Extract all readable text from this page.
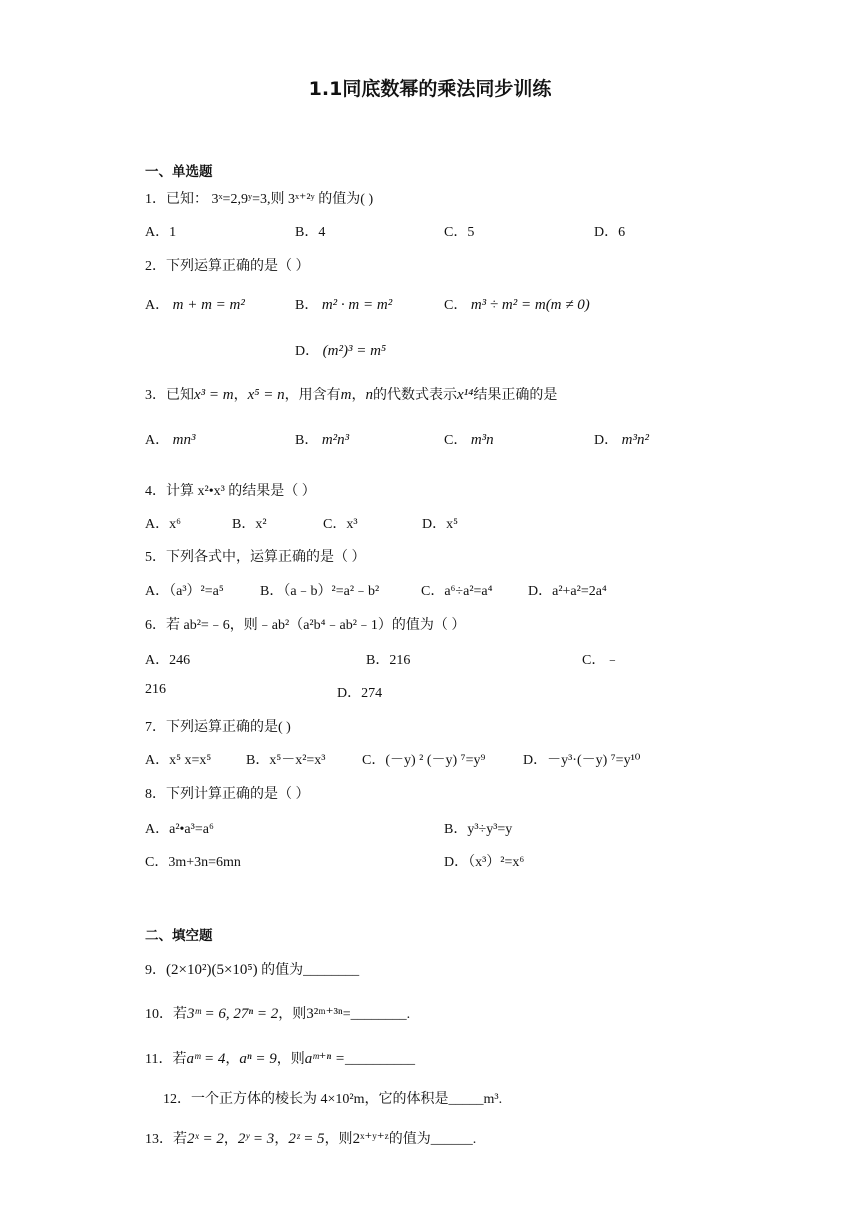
1.1同底数幂的乘法同步训练
一、单选题
1．已知： 3ˣ=2,9ʸ=3,则 3ˣ⁺²ʸ 的值为( )
A．1	B．4	C．5	D．6
2．下列运算正确的是（ ）
A． m + m = m²	B． m² · m = m²	C． m³ ÷ m² = m(m ≠ 0)
D． (m²)³ = m⁵
3．已知x³ = m，x⁵ = n，用含有m，n的代数式表示x¹⁴结果正确的是
A． mn³	B． m²n³	C． m³n	D． m³n²
4．计算 x²•x³ 的结果是（ ）
A．x⁶	B．x²	C．x³	D．x⁵
5．下列各式中，运算正确的是（ ）
A．（a³）²=a⁵	B．（a﹣b）²=a²﹣b²	C．a⁶÷a²=a⁴	D．a²+a²=2a⁴
6．若 ab²=﹣6，则﹣ab²（a²b⁴﹣ab²﹣1）的值为（ ）
A．246	B．216	C．﹣
216	D．274
7．下列运算正确的是( )
A．x⁵ x=x⁵ B．x⁵－x²=x³	C．(－y) ² (－y) ⁷=y⁹	D．－y³·(－y) ⁷=y¹⁰
8．下列计算正确的是（ ）
A．a²•a³=a⁶	B．y³÷y³=y
C．3m+3n=6mn	D．（x³）²=x⁶
二、填空题
9．(2×10²)(5×10⁵) 的值为________
10．若3ᵐ = 6, 27ⁿ = 2，则3²ᵐ⁺³ⁿ=________.
11．若aᵐ = 4，aⁿ = 9，则aᵐ⁺ⁿ =__________
12．一个正方体的棱长为 4×10²m，它的体积是_____m³.
13．若2ˣ = 2，2ʸ = 3，2ᶻ = 5，则2ˣ⁺ʸ⁺ᶻ的值为______.
